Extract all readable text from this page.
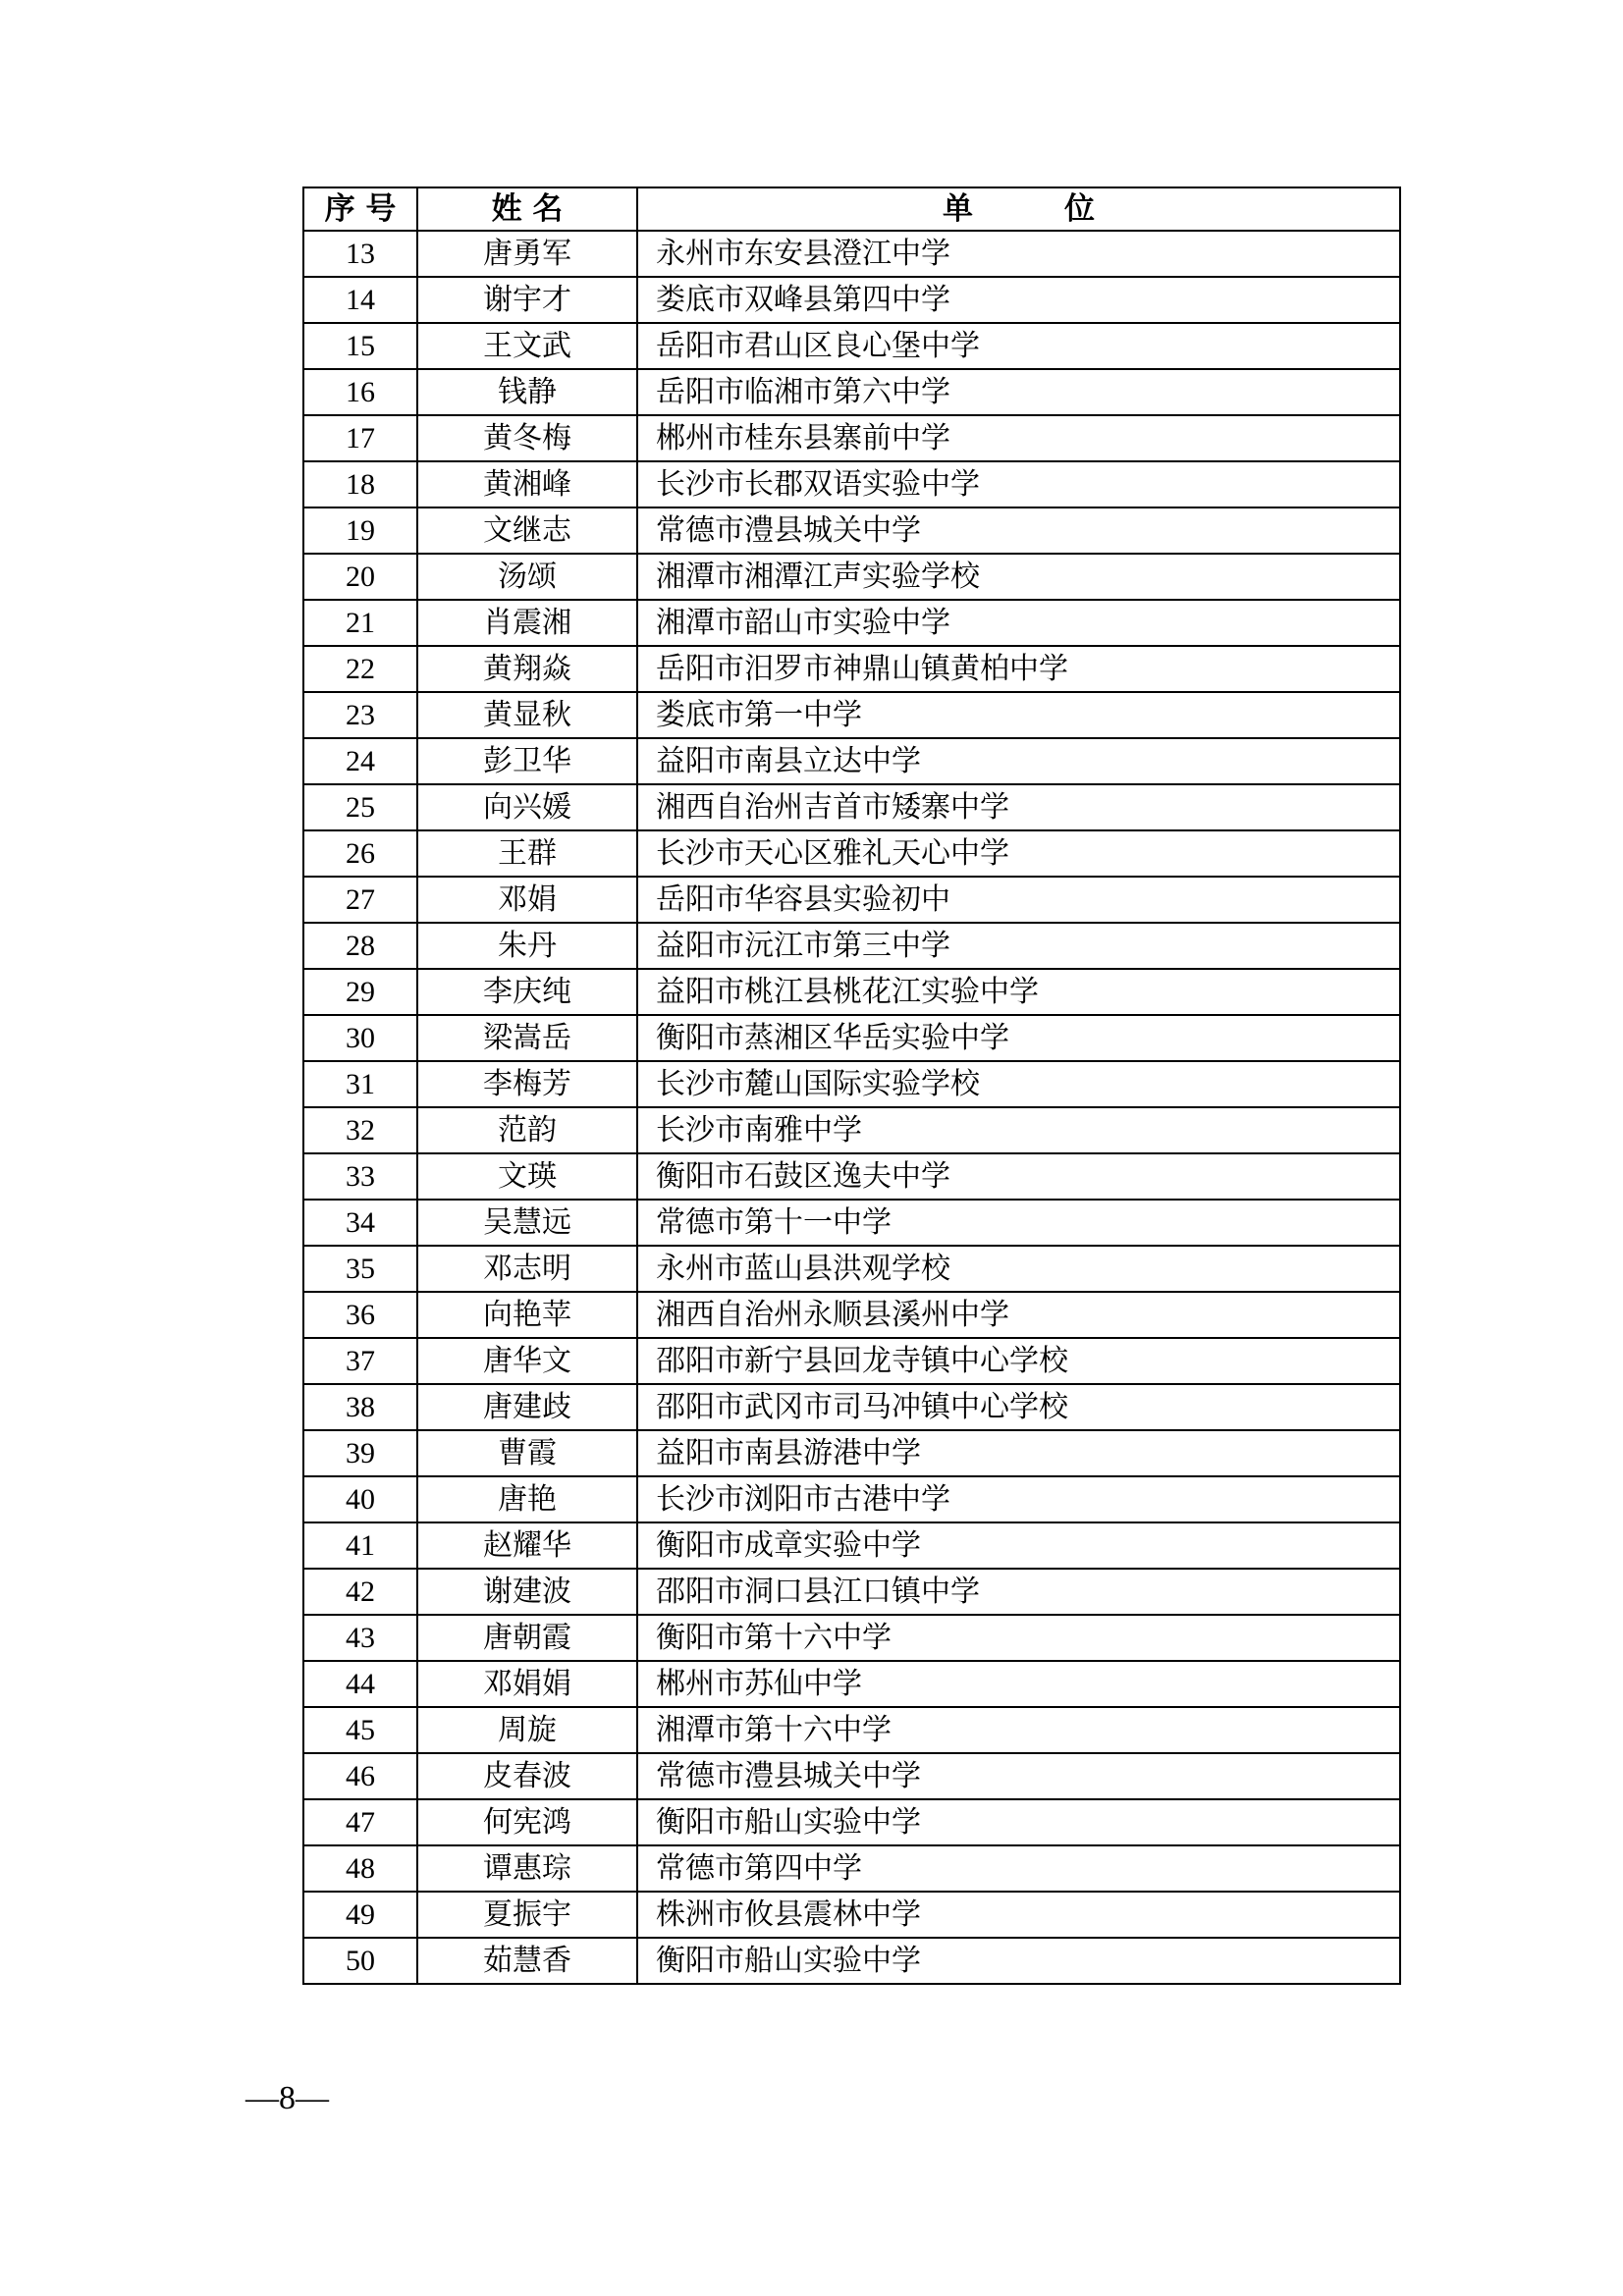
序 号	姓 名	单　　　位
13	唐勇军	永州市东安县澄江中学
14	谢宇才	娄底市双峰县第四中学
15	王文武	岳阳市君山区良心堡中学
16	钱静	岳阳市临湘市第六中学
17	黄冬梅	郴州市桂东县寨前中学
18	黄湘峰	长沙市长郡双语实验中学
19	文继志	常德市澧县城关中学
20	汤颂	湘潭市湘潭江声实验学校
21	肖震湘	湘潭市韶山市实验中学
22	黄翔焱	岳阳市汨罗市神鼎山镇黄柏中学
23	黄显秋	娄底市第一中学
24	彭卫华	益阳市南县立达中学
25	向兴媛	湘西自治州吉首市矮寨中学
26	王群	长沙市天心区雅礼天心中学
27	邓娟	岳阳市华容县实验初中
28	朱丹	益阳市沅江市第三中学
29	李庆纯	益阳市桃江县桃花江实验中学
30	梁嵩岳	衡阳市蒸湘区华岳实验中学
31	李梅芳	长沙市麓山国际实验学校
32	范韵	长沙市南雅中学
33	文瑛	衡阳市石鼓区逸夫中学
34	吴慧远	常德市第十一中学
35	邓志明	永州市蓝山县洪观学校
36	向艳苹	湘西自治州永顺县溪州中学
37	唐华文	邵阳市新宁县回龙寺镇中心学校
38	唐建歧	邵阳市武冈市司马冲镇中心学校
39	曹霞	益阳市南县游港中学
40	唐艳	长沙市浏阳市古港中学
41	赵耀华	衡阳市成章实验中学
42	谢建波	邵阳市洞口县江口镇中学
43	唐朝霞	衡阳市第十六中学
44	邓娟娟	郴州市苏仙中学
45	周旋	湘潭市第十六中学
46	皮春波	常德市澧县城关中学
47	何宪鸿	衡阳市船山实验中学
48	谭惠琮	常德市第四中学
49	夏振宇	株洲市攸县震林中学
50	茹慧香	衡阳市船山实验中学
—8—
